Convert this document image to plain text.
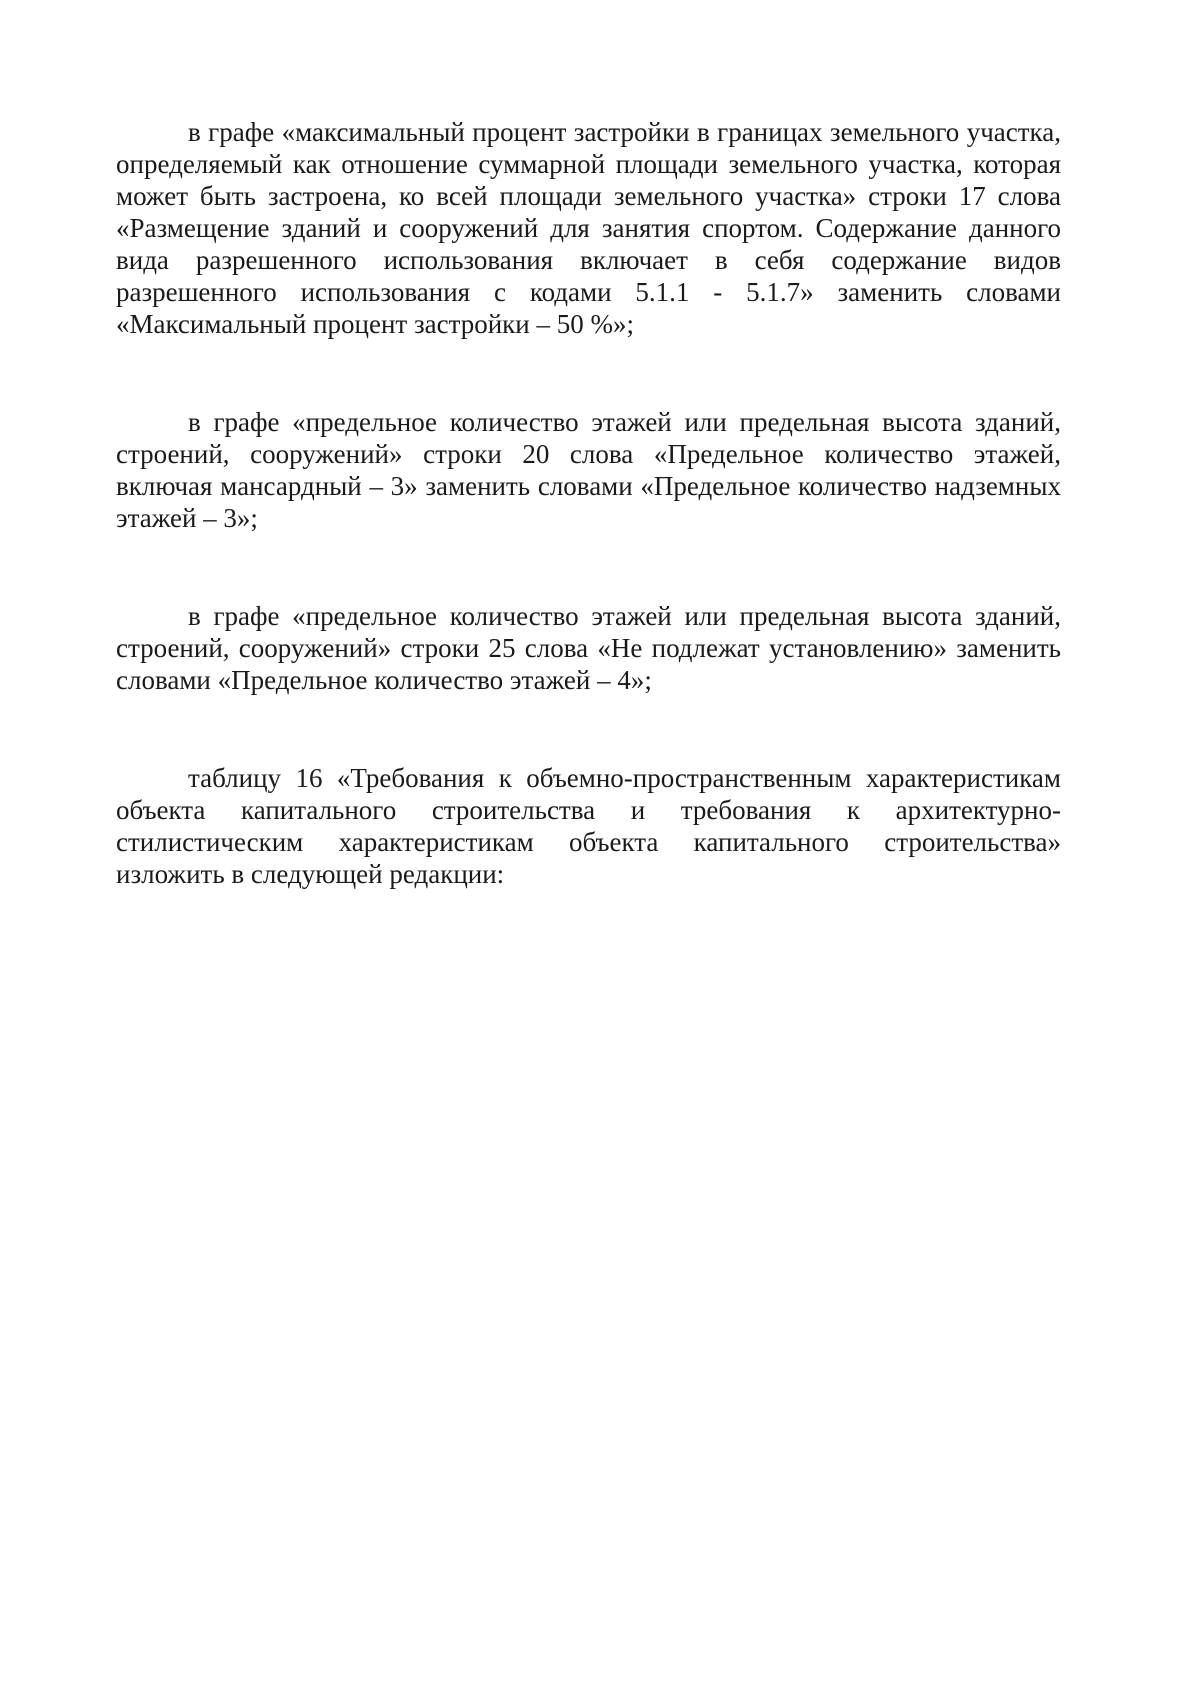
в графе «максимальный процент застройки в границах земельного участка, определяемый как отношение суммарной площади земельного участка, которая может быть застроена, ко всей площади земельного участка» строки 17 слова «Размещение зданий и сооружений для занятия спортом. Содержание данного вида разрешенного использования включает в себя содержание видов разрешенного использования с кодами 5.1.1 - 5.1.7» заменить словами «Максимальный процент застройки – 50 %»;

в графе «предельное количество этажей или предельная высота зданий, строений, сооружений» строки 20 слова «Предельное количество этажей, включая мансардный – 3» заменить словами «Предельное количество надземных этажей – 3»;

в графе «предельное количество этажей или предельная высота зданий, строений, сооружений» строки 25 слова «Не подлежат установлению» заменить словами «Предельное количество этажей – 4»;

таблицу 16 «Требования к объемно-пространственным характеристикам объекта капитального строительства и требования к архитектурно-стилистическим характеристикам объекта капитального строительства» изложить в следующей редакции:
